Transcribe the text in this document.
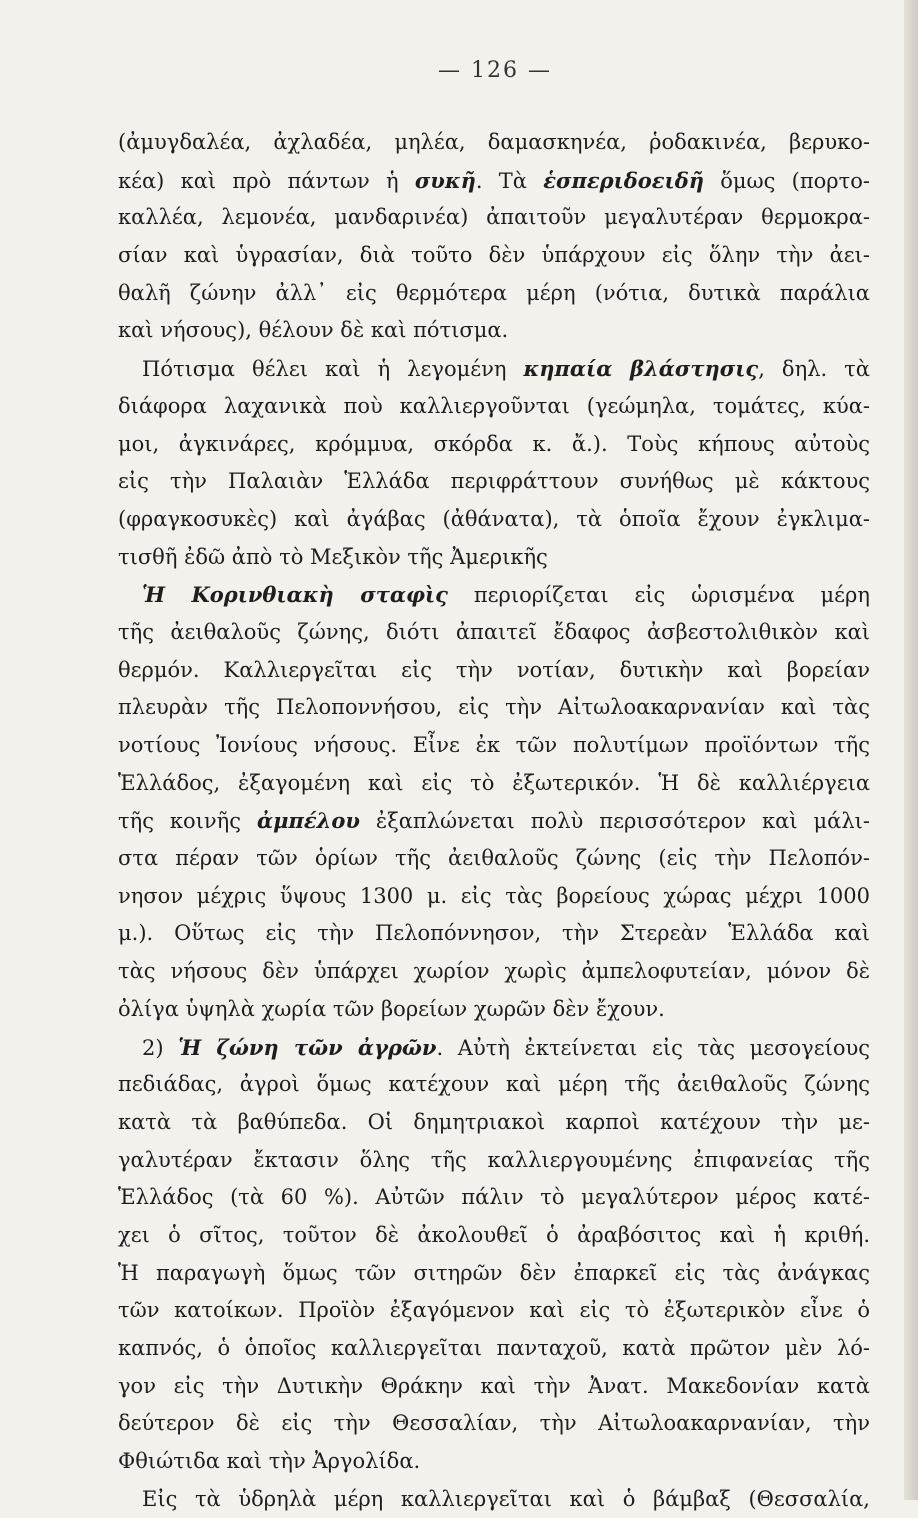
— 126 —
(ἀμυγδαλέα, ἀχλαδέα, μηλέα, δαμασκηνέα, ῥοδακινέα, βερυκο-
κέα) καὶ πρὸ πάντων ἡ συκῆ. Τὰ ἑσπεριδοειδῆ ὅμως (πορτο-
καλλέα, λεμονέα, μανδαρινέα) ἀπαιτοῦν μεγαλυτέραν θερμοκρα-
σίαν καὶ ὑγρασίαν, διὰ τοῦτο δὲν ὑπάρχουν εἰς ὅλην τὴν ἀει-
θαλῆ ζώνην ἀλλ᾽ εἰς θερμότερα μέρη (νότια, δυτικὰ παράλια
καὶ νήσους), θέλουν δὲ καὶ πότισμα.
Πότισμα θέλει καὶ ἡ λεγομένη κηπαία βλάστησις, δηλ. τὰ
διάφορα λαχανικὰ ποὺ καλλιεργοῦνται (γεώμηλα, τομάτες, κύα-
μοι, ἀγκινάρες, κρόμμυα, σκόρδα κ. ἄ.). Τοὺς κήπους αὐτοὺς
εἰς τὴν Παλαιὰν Ἑλλάδα περιφράττουν συνήθως μὲ κάκτους
(φραγκοσυκὲς) καὶ ἀγάβας (ἀθάνατα), τὰ ὁποῖα ἔχουν ἐγκλιμα-
τισθῆ ἐδῶ ἀπὸ τὸ Μεξικὸν τῆς Ἀμερικῆς
Ἡ Κορινθιακὴ σταφὶς περιορίζεται εἰς ὡρισμένα μέρη
τῆς ἀειθαλοῦς ζώνης, διότι ἀπαιτεῖ ἔδαφος ἀσβεστολιθικὸν καὶ
θερμόν. Καλλιεργεῖται εἰς τὴν νοτίαν, δυτικὴν καὶ βορείαν
πλευρὰν τῆς Πελοποννήσου, εἰς τὴν Αἰτωλοακαρνανίαν καὶ τὰς
νοτίους Ἰονίους νήσους. Εἶνε ἐκ τῶν πολυτίμων προϊόντων τῆς
Ἑλλάδος, ἐξαγομένη καὶ εἰς τὸ ἐξωτερικόν. Ἡ δὲ καλλιέργεια
τῆς κοινῆς ἀμπέλου ἐξαπλώνεται πολὺ περισσότερον καὶ μάλι-
στα πέραν τῶν ὁρίων τῆς ἀειθαλοῦς ζώνης (εἰς τὴν Πελοπόν-
νησον μέχρις ὕψους 1300 μ. εἰς τὰς βορείους χώρας μέχρι 1000
μ.). Οὕτως εἰς τὴν Πελοπόννησον, τὴν Στερεὰν Ἑλλάδα καὶ
τὰς νήσους δὲν ὑπάρχει χωρίον χωρὶς ἀμπελοφυτείαν, μόνον δὲ
ὀλίγα ὑψηλὰ χωρία τῶν βορείων χωρῶν δὲν ἔχουν.
2) Ἡ ζώνη τῶν ἀγρῶν. Αὐτὴ ἐκτείνεται εἰς τὰς μεσογείους
πεδιάδας, ἀγροὶ ὅμως κατέχουν καὶ μέρη τῆς ἀειθαλοῦς ζώνης
κατὰ τὰ βαθύπεδα. Οἱ δημητριακοὶ καρποὶ κατέχουν τὴν με-
γαλυτέραν ἔκτασιν ὅλης τῆς καλλιεργουμένης ἐπιφανείας τῆς
Ἑλλάδος (τὰ 60 %). Αὐτῶν πάλιν τὸ μεγαλύτερον μέρος κατέ-
χει ὁ σῖτος, τοῦτον δὲ ἀκολουθεῖ ὁ ἀραβόσιτος καὶ ἡ κριθή.
Ἡ παραγωγὴ ὅμως τῶν σιτηρῶν δὲν ἐπαρκεῖ εἰς τὰς ἀνάγκας
τῶν κατοίκων. Προϊὸν ἐξαγόμενον καὶ εἰς τὸ ἐξωτερικὸν εἶνε ὁ
καπνός, ὁ ὁποῖος καλλιεργεῖται πανταχοῦ, κατὰ πρῶτον μὲν λό-
γον εἰς τὴν Δυτικὴν Θράκην καὶ τὴν Ἀνατ. Μακεδονίαν κατὰ
δεύτερον δὲ εἰς τὴν Θεσσαλίαν, τὴν Αἰτωλοακαρνανίαν, τὴν
Φθιώτιδα καὶ τὴν Ἀργολίδα.
Εἰς τὰ ὑδρηλὰ μέρη καλλιεργεῖται καὶ ὁ βάμβαξ (Θεσσαλία,
